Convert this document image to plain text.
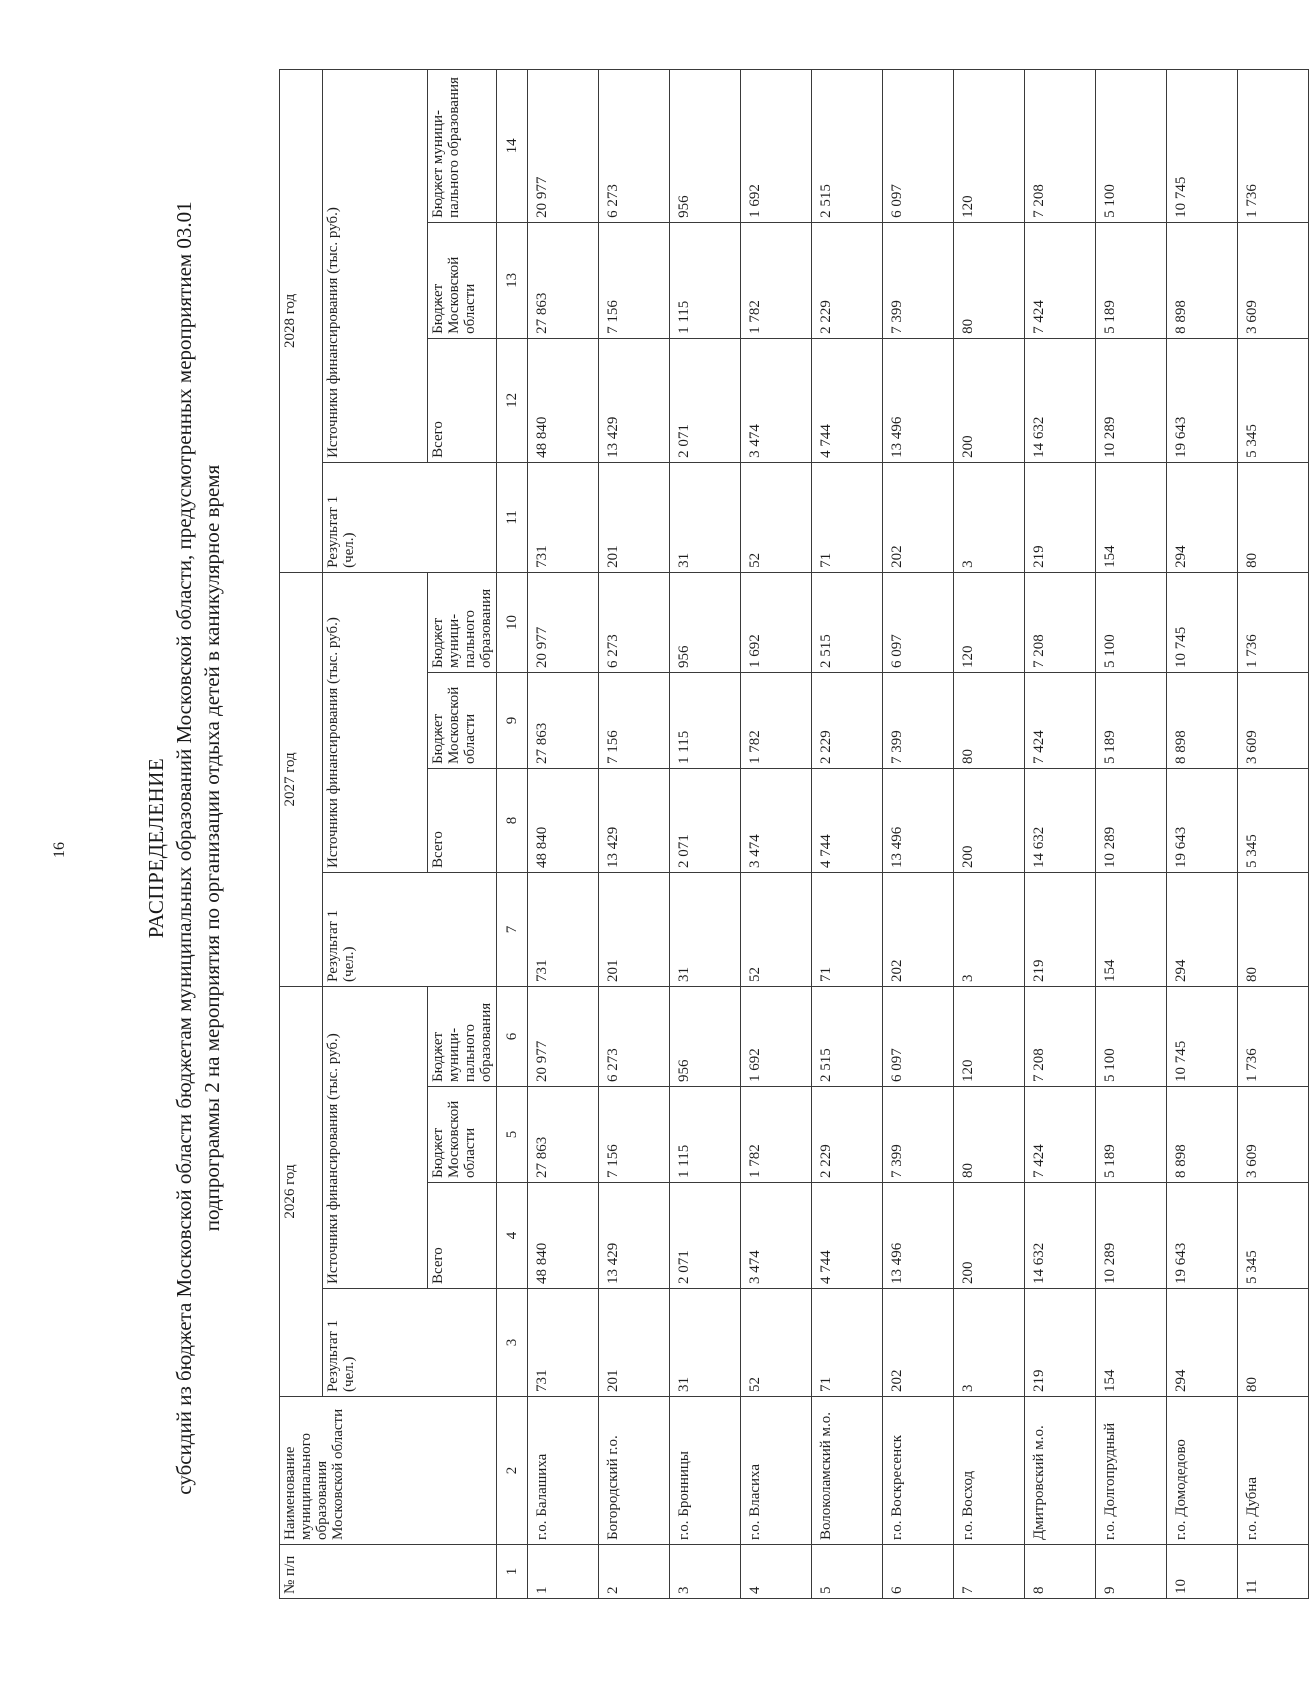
16	РАСПРЕДЕЛЕНИЕ субсидий из бюджета Московской области бюджетам муниципальных образований Московской области, предусмотренных мероприятием 03.01 подпрограммы 2 на мероприятия по организации отдыха детей в каникулярное время
№ п/п	Наименование муниципального образования Московской области	2026 год				2027 год				2028 год			
		Результат 1 (чел.)	Источники финансирования (тыс. руб.)			Результат 1 (чел.)	Источники финансирования (тыс. руб.)			Результат 1 (чел.)	Источники финансирования (тыс. руб.)		
			Всего	Бюджет Московской области	Бюджет муници-пального образования		Всего	Бюджет Московской области	Бюджет муници-пального образования		Всего	Бюджет Московской области	Бюджет муници-пального образования
1	2	3	4	5	6	7	8	9	10	11	12	13	14
1	г.о. Балашиха	731	48 840	27 863	20 977	731	48 840	27 863	20 977	731	48 840	27 863	20 977
2	Богородский г.о.	201	13 429	7 156	6 273	201	13 429	7 156	6 273	201	13 429	7 156	6 273
3	г.о. Бронницы	31	2 071	1 115	956	31	2 071	1 115	956	31	2 071	1 115	956
4	г.о. Власиха	52	3 474	1 782	1 692	52	3 474	1 782	1 692	52	3 474	1 782	1 692
5	Волоколамский м.о.	71	4 744	2 229	2 515	71	4 744	2 229	2 515	71	4 744	2 229	2 515
6	г.о. Воскресенск	202	13 496	7 399	6 097	202	13 496	7 399	6 097	202	13 496	7 399	6 097
7	г.о. Восход	3	200	80	120	3	200	80	120	3	200	80	120
8	Дмитровский м.о.	219	14 632	7 424	7 208	219	14 632	7 424	7 208	219	14 632	7 424	7 208
9	г.о. Долгопрудный	154	10 289	5 189	5 100	154	10 289	5 189	5 100	154	10 289	5 189	5 100
10	г.о. Домодедово	294	19 643	8 898	10 745	294	19 643	8 898	10 745	294	19 643	8 898	10 745
11	г.о. Дубна	80	5 345	3 609	1 736	80	5 345	3 609	1 736	80	5 345	3 609	1 736
